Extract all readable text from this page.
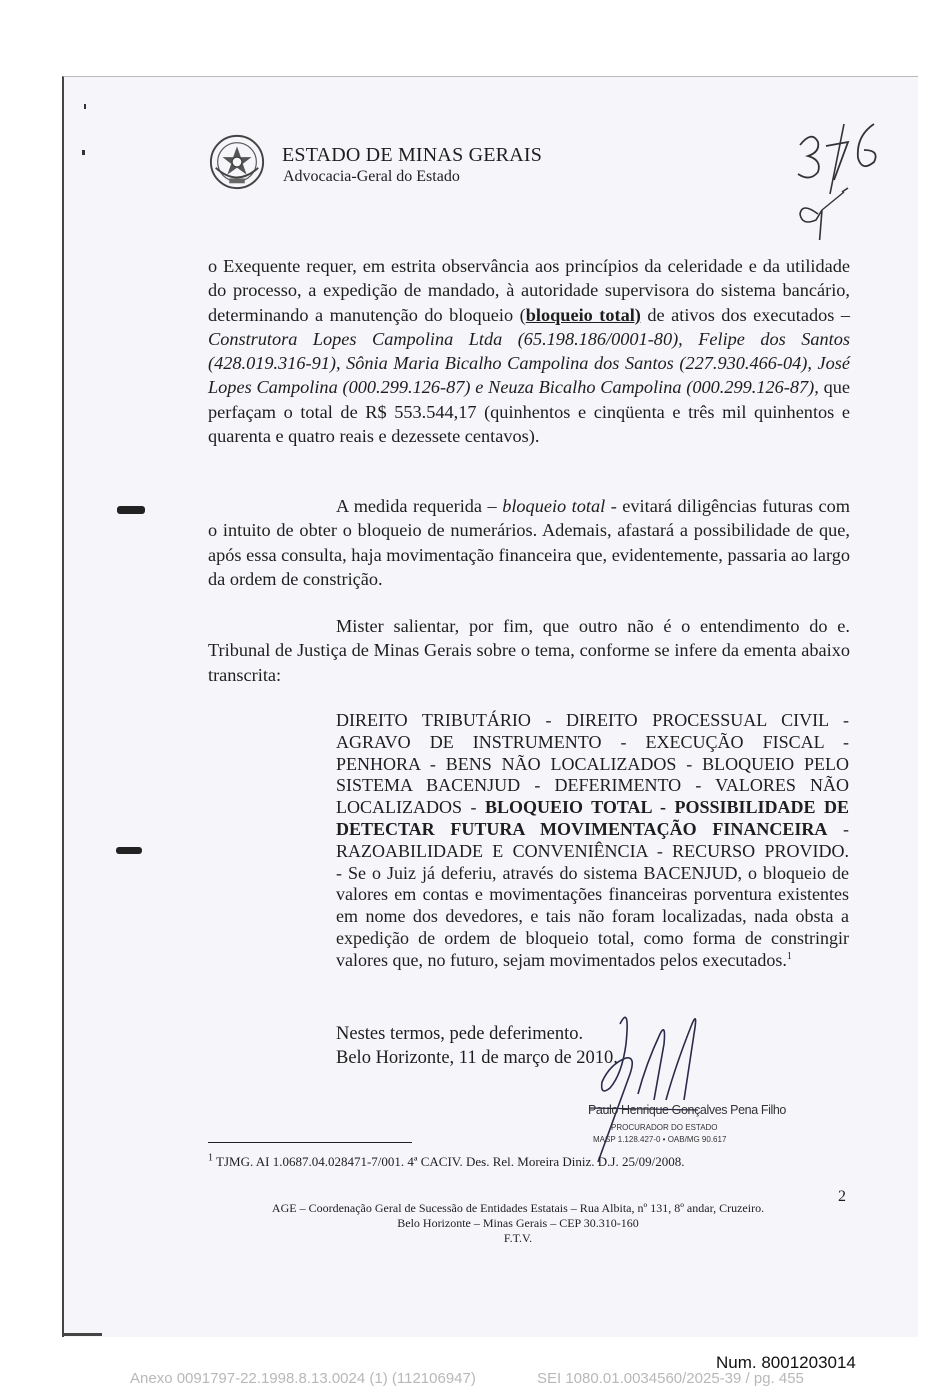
ESTADO DE MINAS GERAIS
Advocacia-Geral do Estado
o Exequente requer, em estrita observância aos princípios da celeridade e da utilidade do processo, a expedição de mandado, à autoridade supervisora do sistema bancário, determinando a manutenção do bloqueio (bloqueio total) de ativos dos executados – Construtora Lopes Campolina Ltda (65.198.186/0001-80), Felipe dos Santos (428.019.316-91), Sônia Maria Bicalho Campolina dos Santos (227.930.466-04), José Lopes Campolina (000.299.126-87) e Neuza Bicalho Campolina (000.299.126-87), que perfaçam o total de R$ 553.544,17 (quinhentos e cinqüenta e três mil quinhentos e quarenta e quatro reais e dezessete centavos).
A medida requerida – bloqueio total - evitará diligências futuras com o intuito de obter o bloqueio de numerários. Ademais, afastará a possibilidade de que, após essa consulta, haja movimentação financeira que, evidentemente, passaria ao largo da ordem de constrição.
Mister salientar, por fim, que outro não é o entendimento do e. Tribunal de Justiça de Minas Gerais sobre o tema, conforme se infere da ementa abaixo transcrita:
DIREITO TRIBUTÁRIO - DIREITO PROCESSUAL CIVIL -
AGRAVO DE INSTRUMENTO - EXECUÇÃO FISCAL -
PENHORA - BENS NÃO LOCALIZADOS - BLOQUEIO PELO
SISTEMA BACENJUD - DEFERIMENTO - VALORES NÃO
LOCALIZADOS - BLOQUEIO TOTAL - POSSIBILIDADE DE
DETECTAR FUTURA MOVIMENTAÇÃO FINANCEIRA -
RAZOABILIDADE E CONVENIÊNCIA - RECURSO PROVIDO.
- Se o Juiz já deferiu, através do sistema BACENJUD, o bloqueio de valores em contas e movimentações financeiras porventura existentes em nome dos devedores, e tais não foram localizadas, nada obsta a expedição de ordem de bloqueio total, como forma de constringir valores que, no futuro, sejam movimentados pelos executados.$^1$
Nestes termos, pede deferimento.
Belo Horizonte, 11 de março de 2010.
Paulo Henrique Gonçalves Pena Filho
PROCURADOR DO ESTADO
MASP 1.128.427-0 • OAB/MG 90.617
$^1$ TJMG. AI 1.0687.04.028471-7/001. 4ª CACIV. Des. Rel. Moreira Diniz. D.J. 25/09/2008.
2
AGE – Coordenação Geral de Sucessão de Entidades Estatais – Rua Albita, nº 131, 8º andar, Cruzeiro.
Belo Horizonte – Minas Gerais – CEP 30.310-160
F.T.V.
Num. 8001203014
Anexo 0091797-22.1998.8.13.0024 (1) (112106947)	SEI 1080.01.0034560/2025-39 / pg. 455
